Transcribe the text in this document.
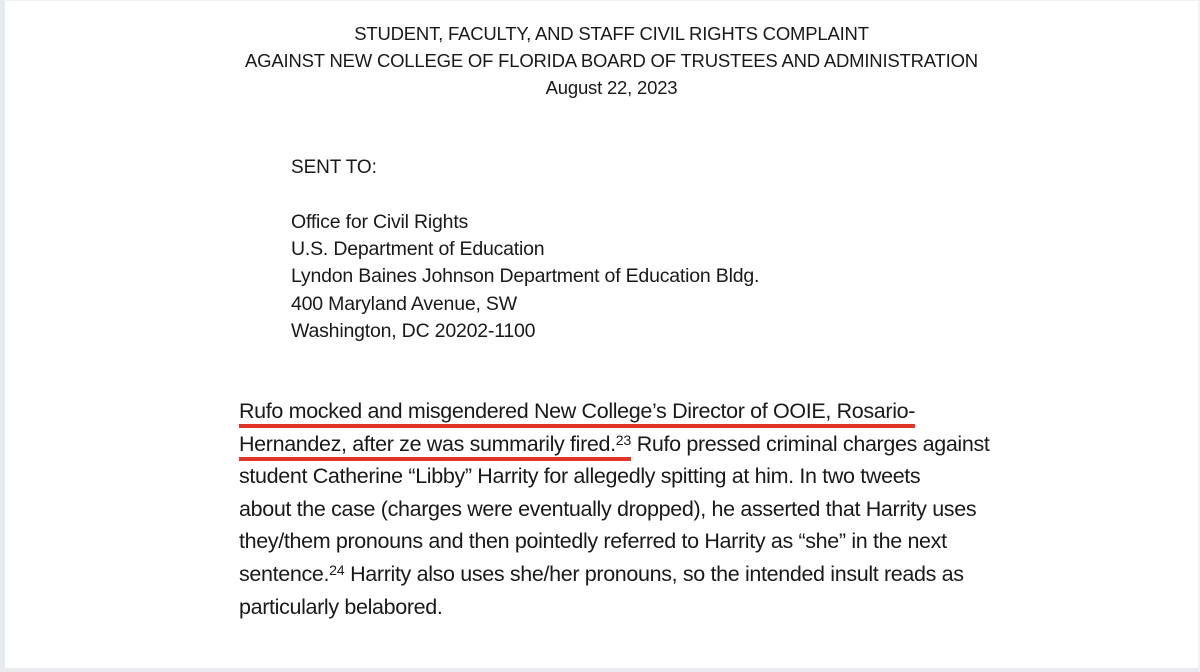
STUDENT, FACULTY, AND STAFF CIVIL RIGHTS COMPLAINT
AGAINST NEW COLLEGE OF FLORIDA BOARD OF TRUSTEES AND ADMINISTRATION
August 22, 2023
SENT TO:
Office for Civil Rights
U.S. Department of Education
Lyndon Baines Johnson Department of Education Bldg.
400 Maryland Avenue, SW
Washington, DC 20202-1100
Rufo mocked and misgendered New College’s Director of OOIE, Rosario-
Hernandez, after ze was summarily fired.$^{23}$ Rufo pressed criminal charges against
student Catherine “Libby” Harrity for allegedly spitting at him. In two tweets
about the case (charges were eventually dropped), he asserted that Harrity uses
they/them pronouns and then pointedly referred to Harrity as “she” in the next
sentence.$^{24}$ Harrity also uses she/her pronouns, so the intended insult reads as
particularly belabored.
